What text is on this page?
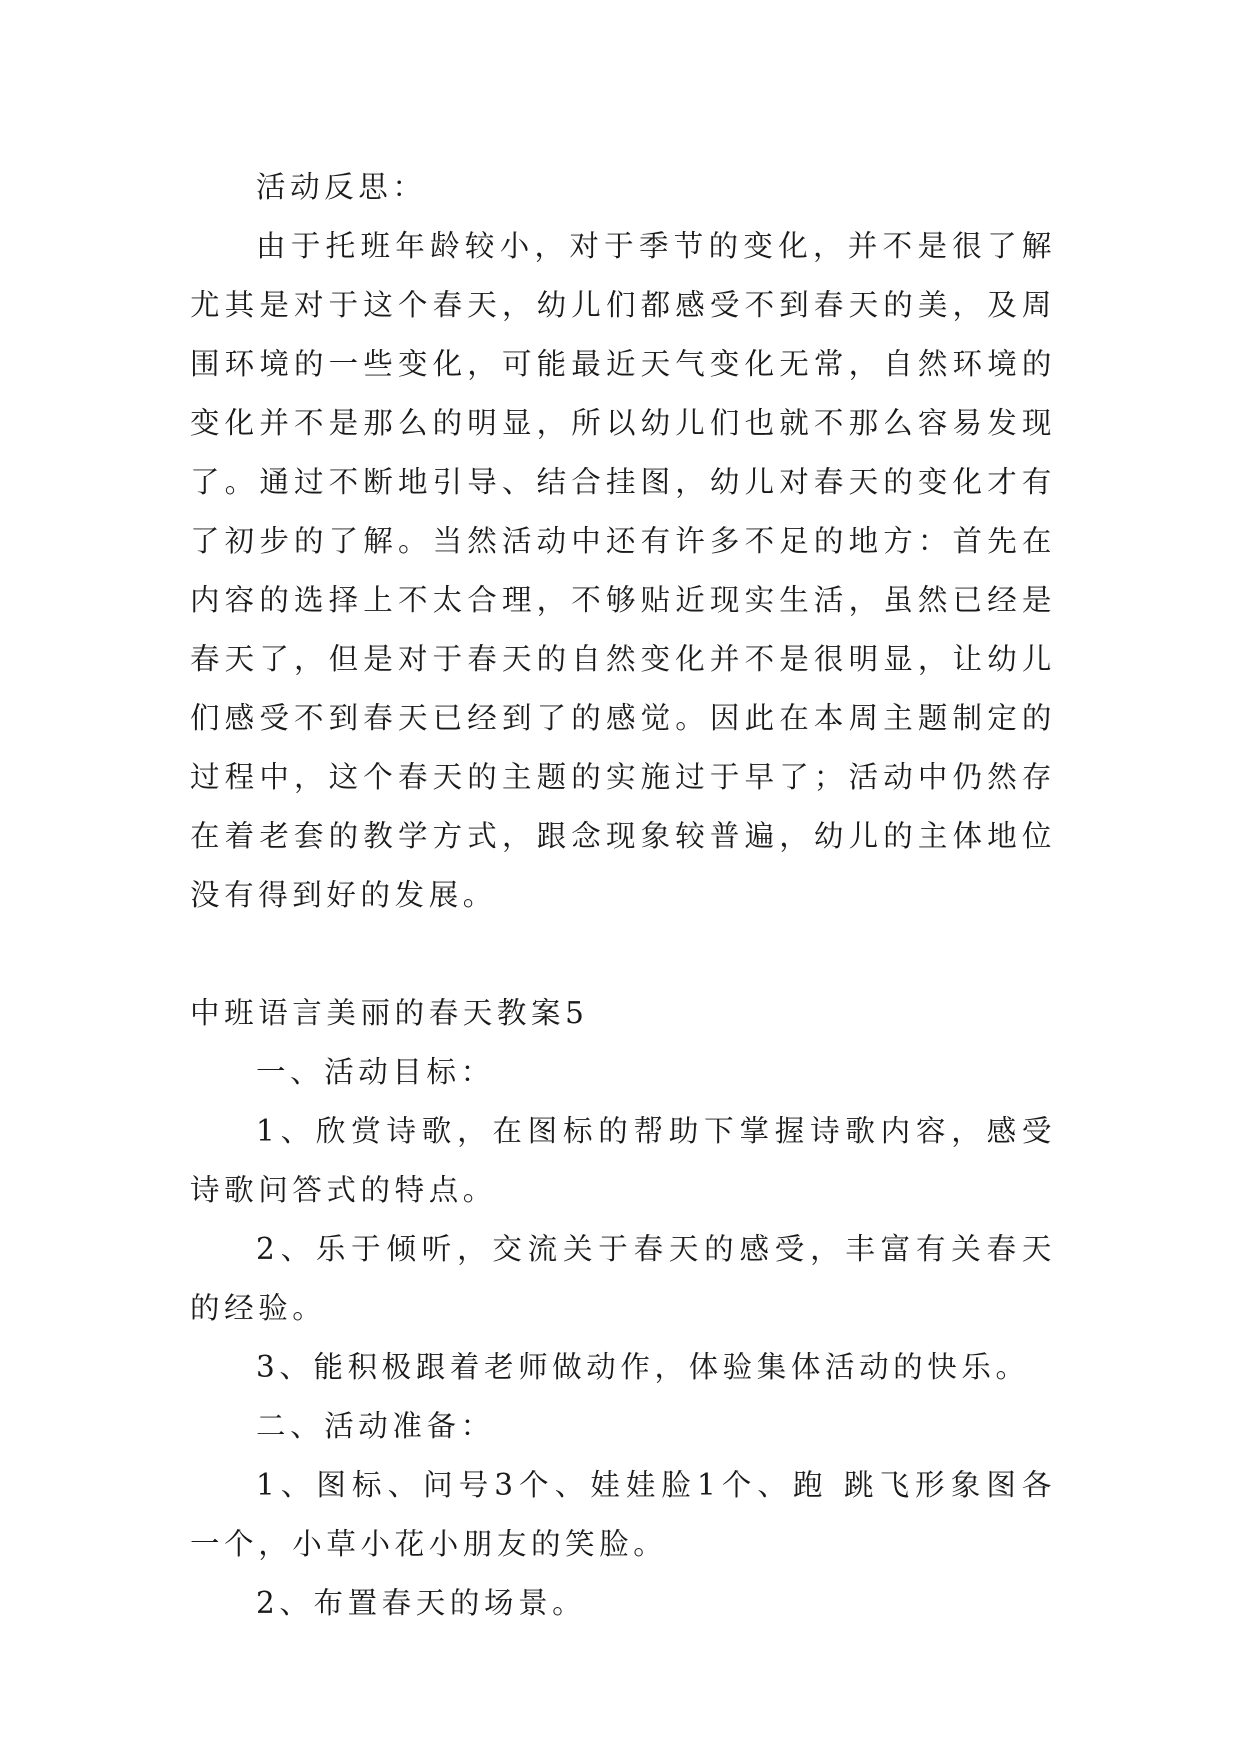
活动反思：

由于托班年龄较小，对于季节的变化，并不是很了解尤其是对于这个春天，幼儿们都感受不到春天的美，及周围环境的一些变化，可能最近天气变化无常，自然环境的变化并不是那么的明显，所以幼儿们也就不那么容易发现了。通过不断地引导、结合挂图，幼儿对春天的变化才有了初步的了解。当然活动中还有许多不足的地方：首先在内容的选择上不太合理，不够贴近现实生活，虽然已经是春天了，但是对于春天的自然变化并不是很明显，让幼儿们感受不到春天已经到了的感觉。因此在本周主题制定的过程中，这个春天的主题的实施过于早了；活动中仍然存在着老套的教学方式，跟念现象较普遍，幼儿的主体地位没有得到好的发展。

中班语言美丽的春天教案5

一、活动目标：

1、欣赏诗歌，在图标的帮助下掌握诗歌内容，感受诗歌问答式的特点。

2、乐于倾听，交流关于春天的感受，丰富有关春天的经验。

3、能积极跟着老师做动作，体验集体活动的快乐。

二、活动准备：

1、图标、问号3个、娃娃脸1个、跑 跳飞形象图各一个，小草小花小朋友的笑脸。

2、布置春天的场景。
